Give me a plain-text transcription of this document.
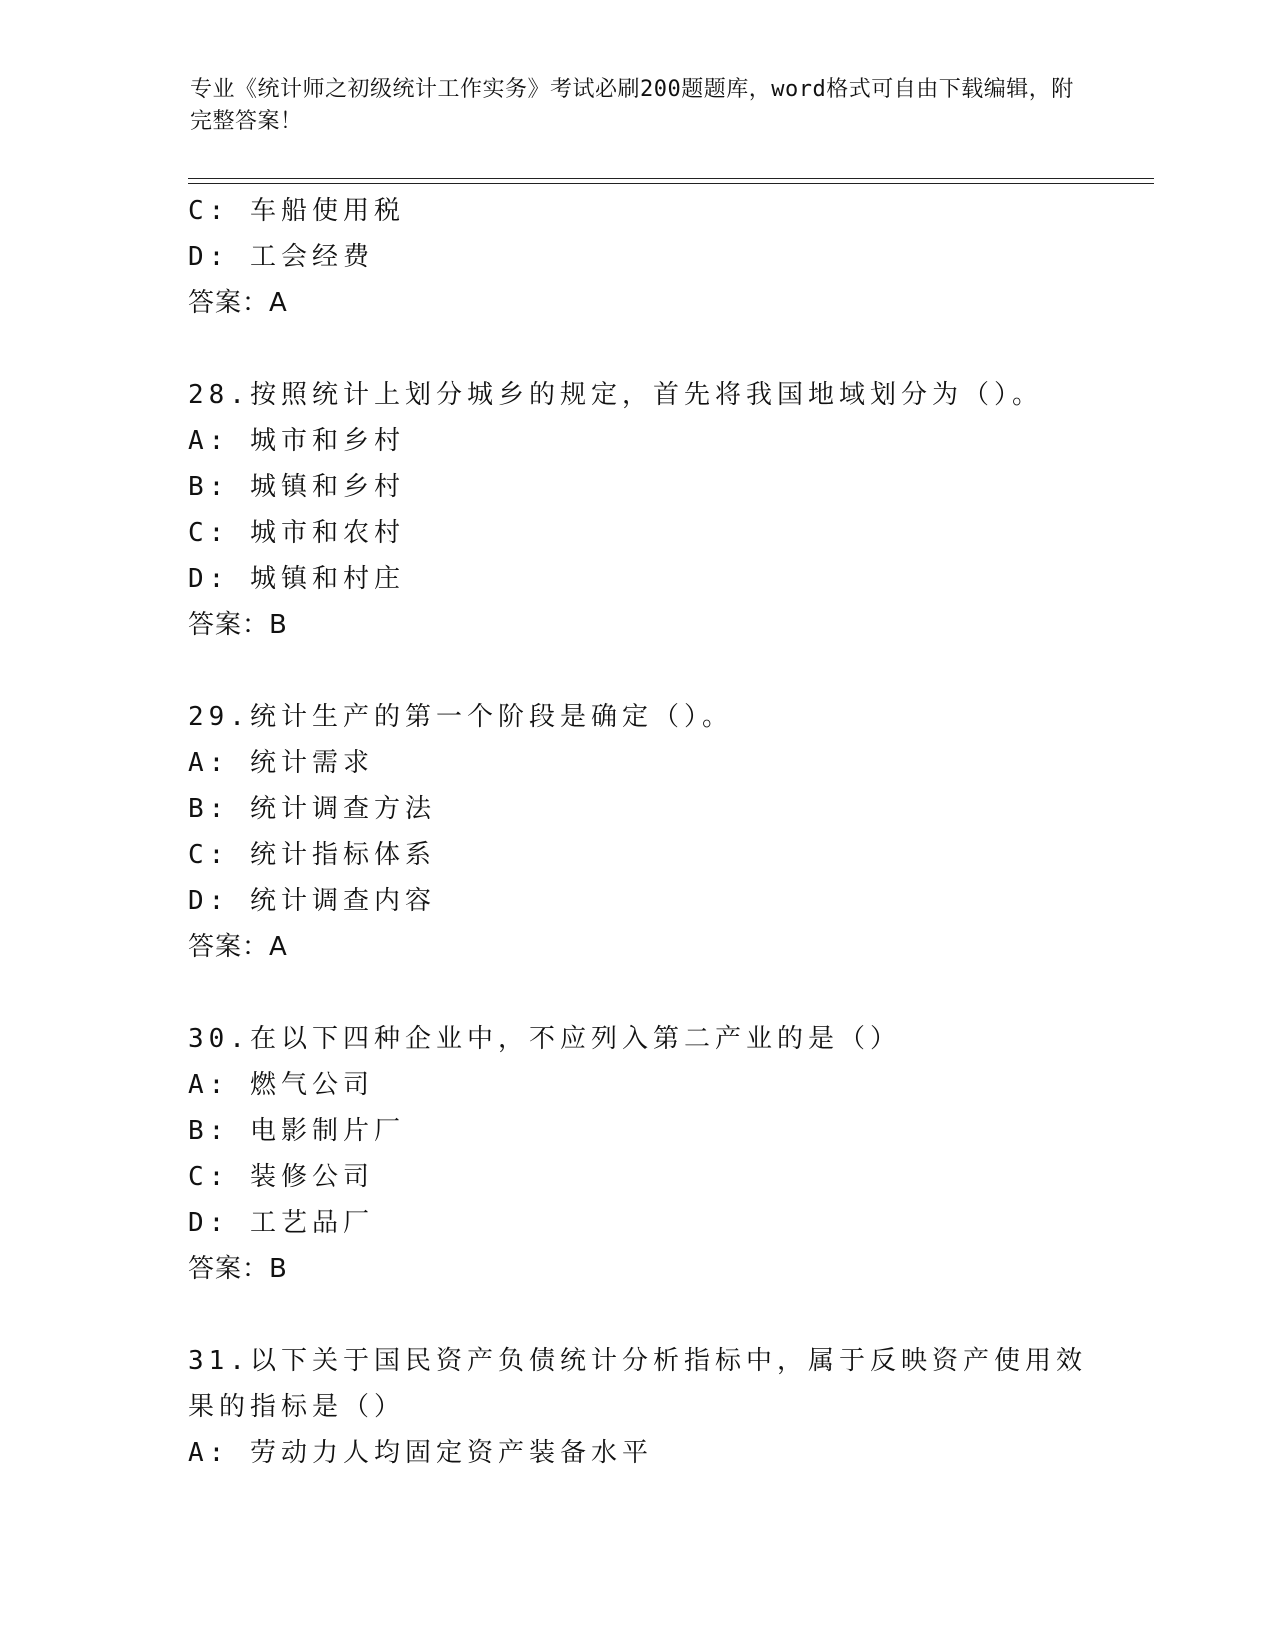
专业《统计师之初级统计工作实务》考试必刷200题题库，word格式可自由下载编辑，附完整答案！
C: 车船使用税
D: 工会经费
答案：A
28.按照统计上划分城乡的规定，首先将我国地域划分为（）。
A: 城市和乡村
B: 城镇和乡村
C: 城市和农村
D: 城镇和村庄
答案：B
29.统计生产的第一个阶段是确定（）。
A: 统计需求
B: 统计调查方法
C: 统计指标体系
D: 统计调查内容
答案：A
30.在以下四种企业中，不应列入第二产业的是（）
A: 燃气公司
B: 电影制片厂
C: 装修公司
D: 工艺品厂
答案：B
31.以下关于国民资产负债统计分析指标中，属于反映资产使用效果的指标是（）
A: 劳动力人均固定资产装备水平
